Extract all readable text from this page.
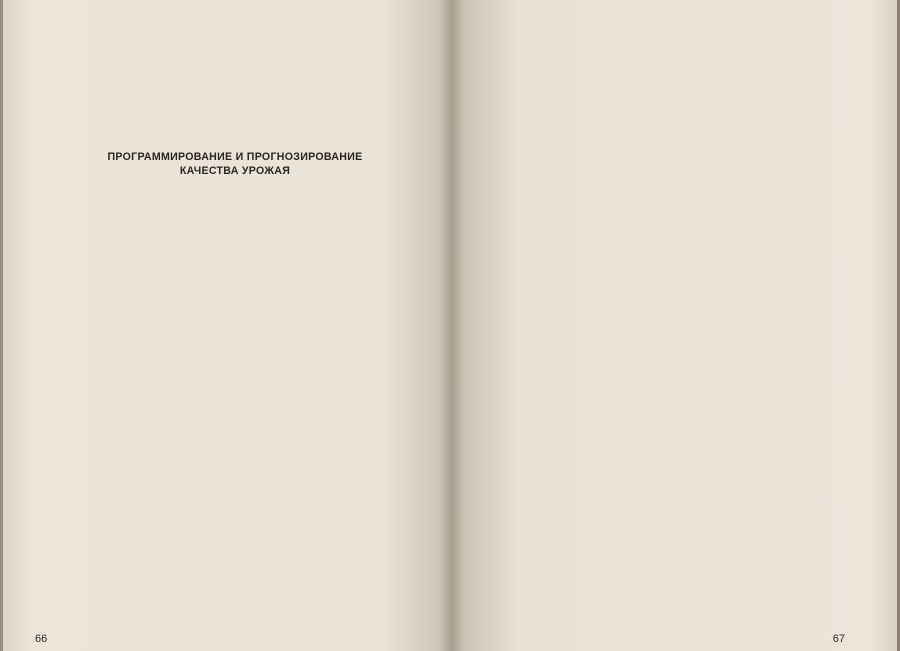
ПРОГРАММИРОВАНИЕ И ПРОГНОЗИРОВАНИЕ
КАЧЕСТВА УРОЖАЯ

66	67
